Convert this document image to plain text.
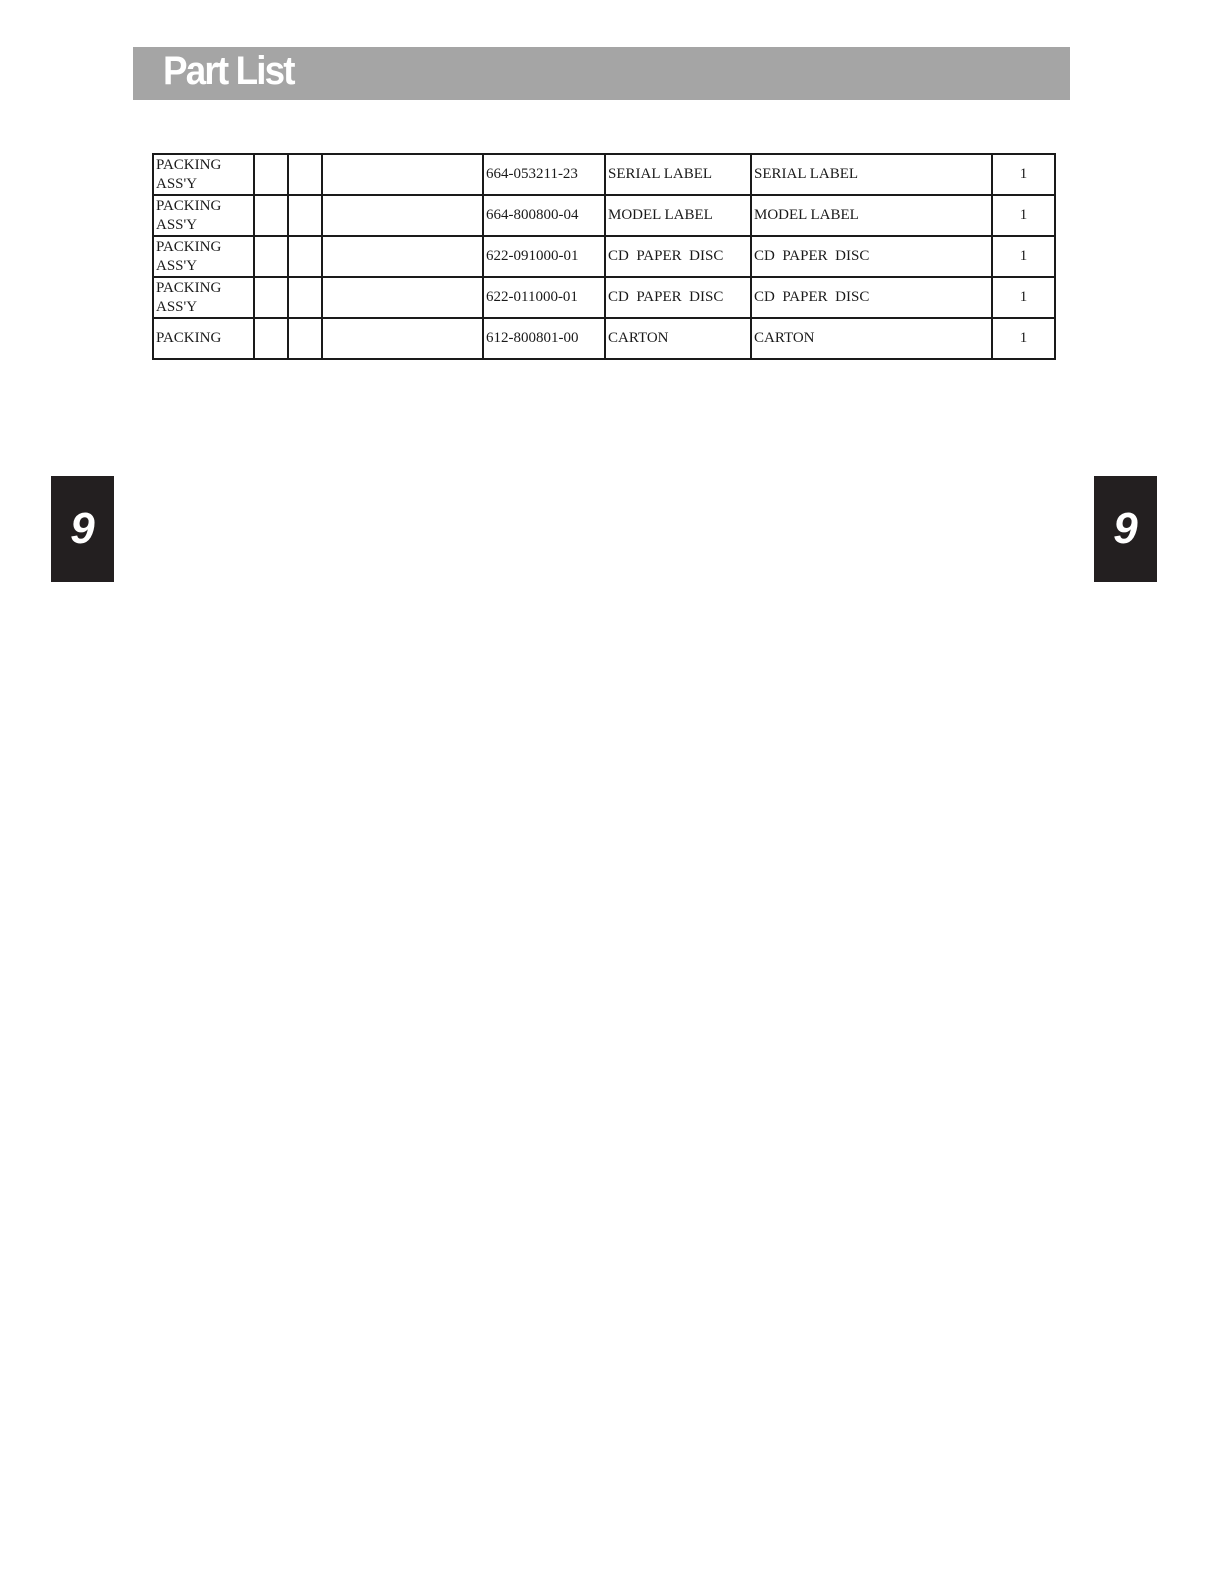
Part List
PACKING
ASS'Y				664-053211-23	SERIAL LABEL	SERIAL LABEL	1
PACKING
ASS'Y				664-800800-04	MODEL LABEL	MODEL LABEL	1
PACKING
ASS'Y				622-091000-01	CD  PAPER  DISC	CD  PAPER  DISC	1
PACKING
ASS'Y				622-011000-01	CD  PAPER  DISC	CD  PAPER  DISC	1
PACKING				612-800801-00	CARTON	CARTON	1
9	9
